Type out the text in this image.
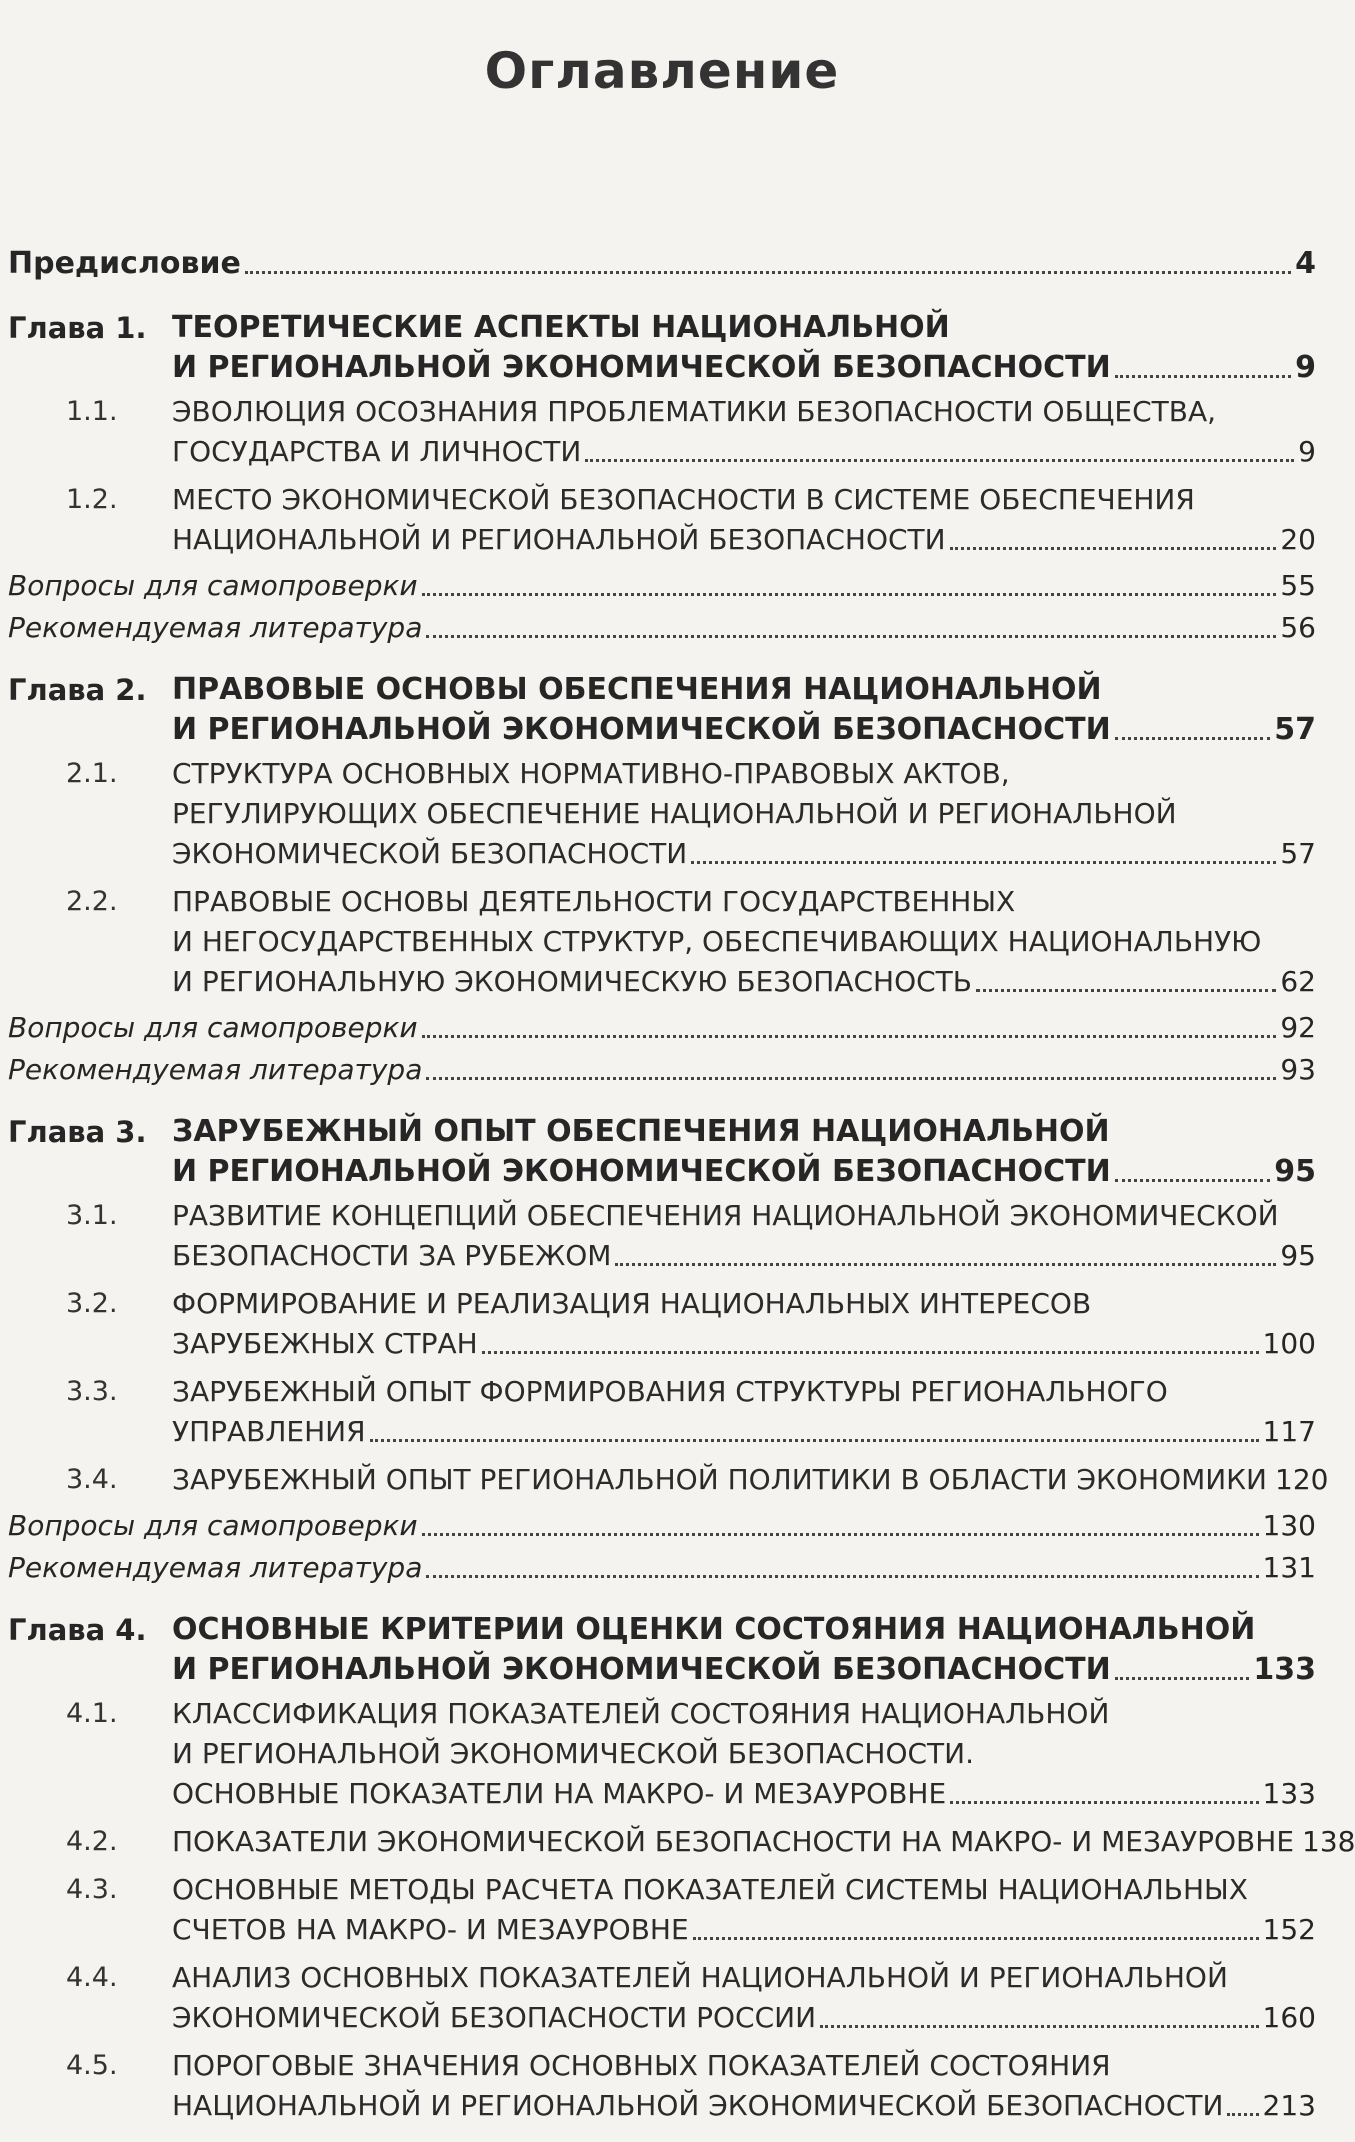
Оглавление
Предисловие	4
Глава 1. ТЕОРЕТИЧЕСКИЕ АСПЕКТЫ НАЦИОНАЛЬНОЙ
И РЕГИОНАЛЬНОЙ ЭКОНОМИЧЕСКОЙ БЕЗОПАСНОСТИ	9
1.1. ЭВОЛЮЦИЯ ОСОЗНАНИЯ ПРОБЛЕМАТИКИ БЕЗОПАСНОСТИ ОБЩЕСТВА,
ГОСУДАРСТВА И ЛИЧНОСТИ	9
1.2. МЕСТО ЭКОНОМИЧЕСКОЙ БЕЗОПАСНОСТИ В СИСТЕМЕ ОБЕСПЕЧЕНИЯ
НАЦИОНАЛЬНОЙ И РЕГИОНАЛЬНОЙ БЕЗОПАСНОСТИ	20
Вопросы для самопроверки	55
Рекомендуемая литература	56
Глава 2. ПРАВОВЫЕ ОСНОВЫ ОБЕСПЕЧЕНИЯ НАЦИОНАЛЬНОЙ
И РЕГИОНАЛЬНОЙ ЭКОНОМИЧЕСКОЙ БЕЗОПАСНОСТИ	57
2.1. СТРУКТУРА ОСНОВНЫХ НОРМАТИВНО-ПРАВОВЫХ АКТОВ,
РЕГУЛИРУЮЩИХ ОБЕСПЕЧЕНИЕ НАЦИОНАЛЬНОЙ И РЕГИОНАЛЬНОЙ
ЭКОНОМИЧЕСКОЙ БЕЗОПАСНОСТИ	57
2.2. ПРАВОВЫЕ ОСНОВЫ ДЕЯТЕЛЬНОСТИ ГОСУДАРСТВЕННЫХ
И НЕГОСУДАРСТВЕННЫХ СТРУКТУР, ОБЕСПЕЧИВАЮЩИХ НАЦИОНАЛЬНУЮ
И РЕГИОНАЛЬНУЮ ЭКОНОМИЧЕСКУЮ БЕЗОПАСНОСТЬ	62
Вопросы для самопроверки	92
Рекомендуемая литература	93
Глава 3. ЗАРУБЕЖНЫЙ ОПЫТ ОБЕСПЕЧЕНИЯ НАЦИОНАЛЬНОЙ
И РЕГИОНАЛЬНОЙ ЭКОНОМИЧЕСКОЙ БЕЗОПАСНОСТИ	95
3.1. РАЗВИТИЕ КОНЦЕПЦИЙ ОБЕСПЕЧЕНИЯ НАЦИОНАЛЬНОЙ ЭКОНОМИЧЕСКОЙ
БЕЗОПАСНОСТИ ЗА РУБЕЖОМ	95
3.2. ФОРМИРОВАНИЕ И РЕАЛИЗАЦИЯ НАЦИОНАЛЬНЫХ ИНТЕРЕСОВ
ЗАРУБЕЖНЫХ СТРАН	100
3.3. ЗАРУБЕЖНЫЙ ОПЫТ ФОРМИРОВАНИЯ СТРУКТУРЫ РЕГИОНАЛЬНОГО
УПРАВЛЕНИЯ	117
3.4. ЗАРУБЕЖНЫЙ ОПЫТ РЕГИОНАЛЬНОЙ ПОЛИТИКИ В ОБЛАСТИ ЭКОНОМИКИ 120
Вопросы для самопроверки	130
Рекомендуемая литература	131
Глава 4. ОСНОВНЫЕ КРИТЕРИИ ОЦЕНКИ СОСТОЯНИЯ НАЦИОНАЛЬНОЙ
И РЕГИОНАЛЬНОЙ ЭКОНОМИЧЕСКОЙ БЕЗОПАСНОСТИ	133
4.1. КЛАССИФИКАЦИЯ ПОКАЗАТЕЛЕЙ СОСТОЯНИЯ НАЦИОНАЛЬНОЙ
И РЕГИОНАЛЬНОЙ ЭКОНОМИЧЕСКОЙ БЕЗОПАСНОСТИ.
ОСНОВНЫЕ ПОКАЗАТЕЛИ НА МАКРО- И МЕЗАУРОВНЕ	133
4.2. ПОКАЗАТЕЛИ ЭКОНОМИЧЕСКОЙ БЕЗОПАСНОСТИ НА МАКРО- И МЕЗАУРОВНЕ 138
4.3. ОСНОВНЫЕ МЕТОДЫ РАСЧЕТА ПОКАЗАТЕЛЕЙ СИСТЕМЫ НАЦИОНАЛЬНЫХ
СЧЕТОВ НА МАКРО- И МЕЗАУРОВНЕ	152
4.4. АНАЛИЗ ОСНОВНЫХ ПОКАЗАТЕЛЕЙ НАЦИОНАЛЬНОЙ И РЕГИОНАЛЬНОЙ
ЭКОНОМИЧЕСКОЙ БЕЗОПАСНОСТИ РОССИИ	160
4.5. ПОРОГОВЫЕ ЗНАЧЕНИЯ ОСНОВНЫХ ПОКАЗАТЕЛЕЙ СОСТОЯНИЯ
НАЦИОНАЛЬНОЙ И РЕГИОНАЛЬНОЙ ЭКОНОМИЧЕСКОЙ БЕЗОПАСНОСТИ 213
